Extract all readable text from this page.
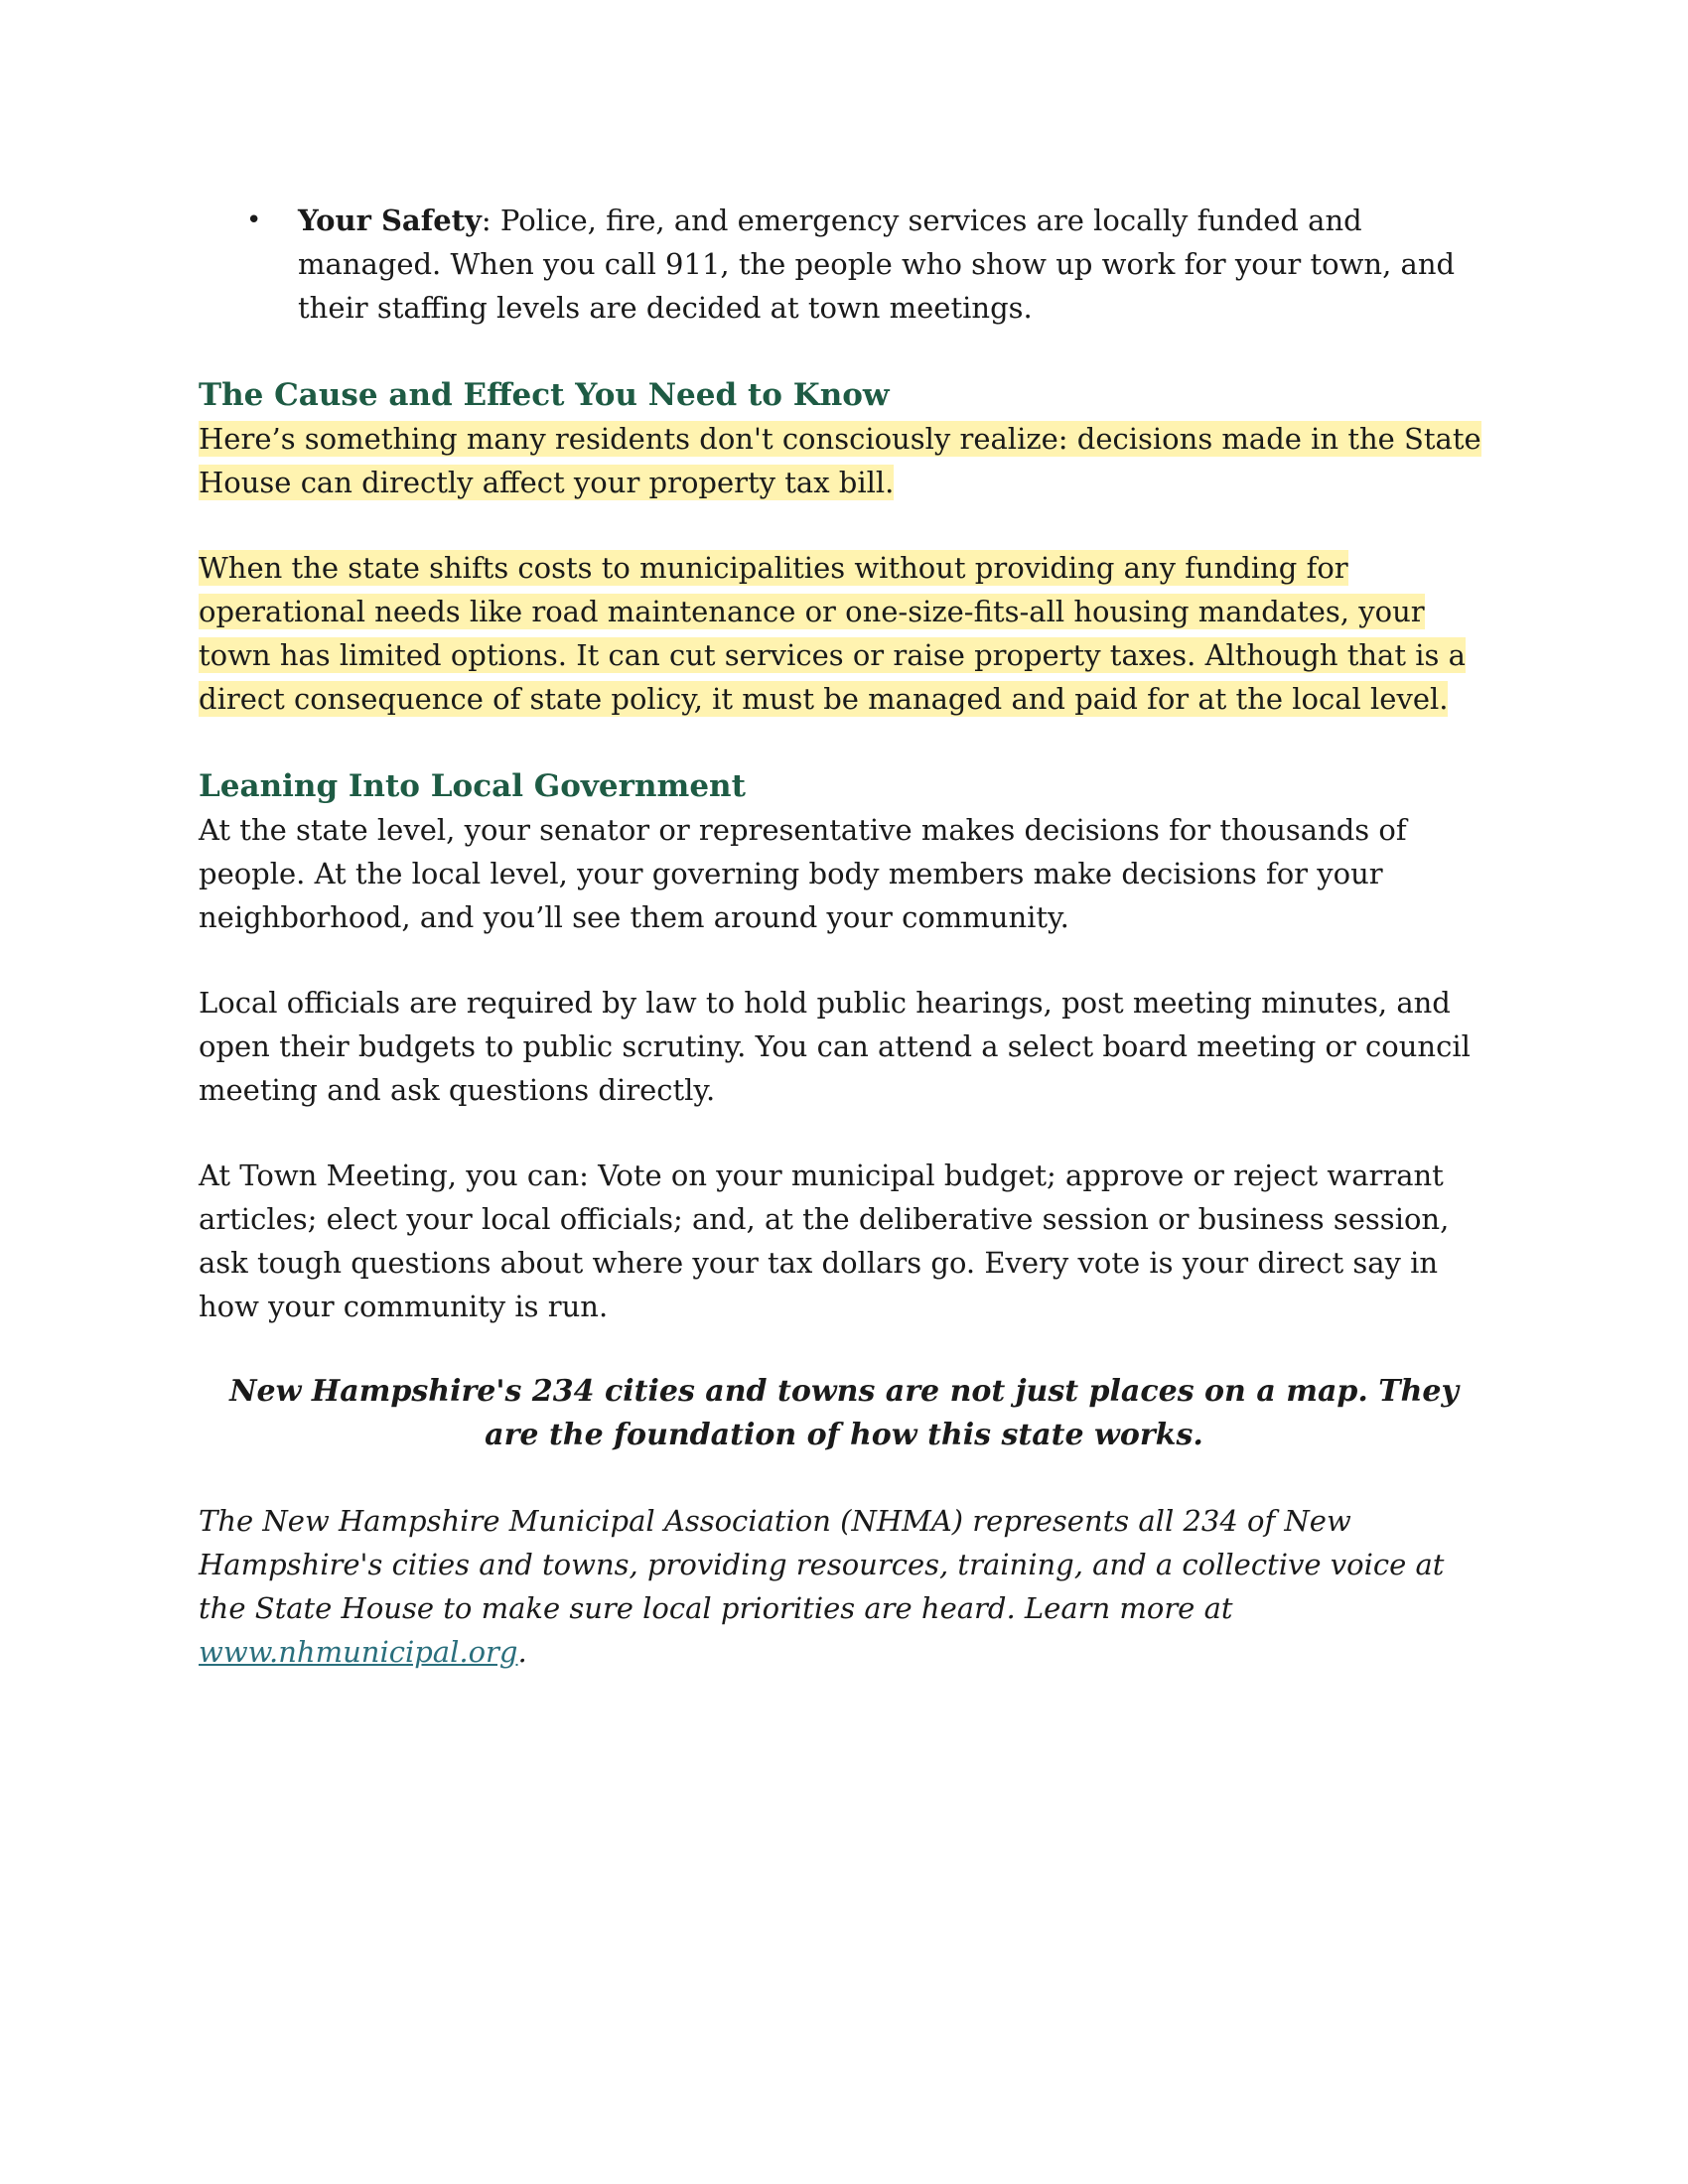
• Your Safety: Police, fire, and emergency services are locally funded and managed. When you call 911, the people who show up work for your town, and their staffing levels are decided at town meetings.
The Cause and Effect You Need to Know

Here’s something many residents don't consciously realize: decisions made in the State House can directly affect your property tax bill.

When the state shifts costs to municipalities without providing any funding for operational needs like road maintenance or one-size-fits-all housing mandates, your town has limited options. It can cut services or raise property taxes. Although that is a direct consequence of state policy, it must be managed and paid for at the local level.

Leaning Into Local Government

At the state level, your senator or representative makes decisions for thousands of people. At the local level, your governing body members make decisions for your neighborhood, and you’ll see them around your community.

Local officials are required by law to hold public hearings, post meeting minutes, and open their budgets to public scrutiny. You can attend a select board meeting or council meeting and ask questions directly.

At Town Meeting, you can: Vote on your municipal budget; approve or reject warrant articles; elect your local officials; and, at the deliberative session or business session, ask tough questions about where your tax dollars go. Every vote is your direct say in how your community is run.

New Hampshire's 234 cities and towns are not just places on a map. They are the foundation of how this state works.

The New Hampshire Municipal Association (NHMA) represents all 234 of New Hampshire's cities and towns, providing resources, training, and a collective voice at the State House to make sure local priorities are heard. Learn more at www.nhmunicipal.org.
